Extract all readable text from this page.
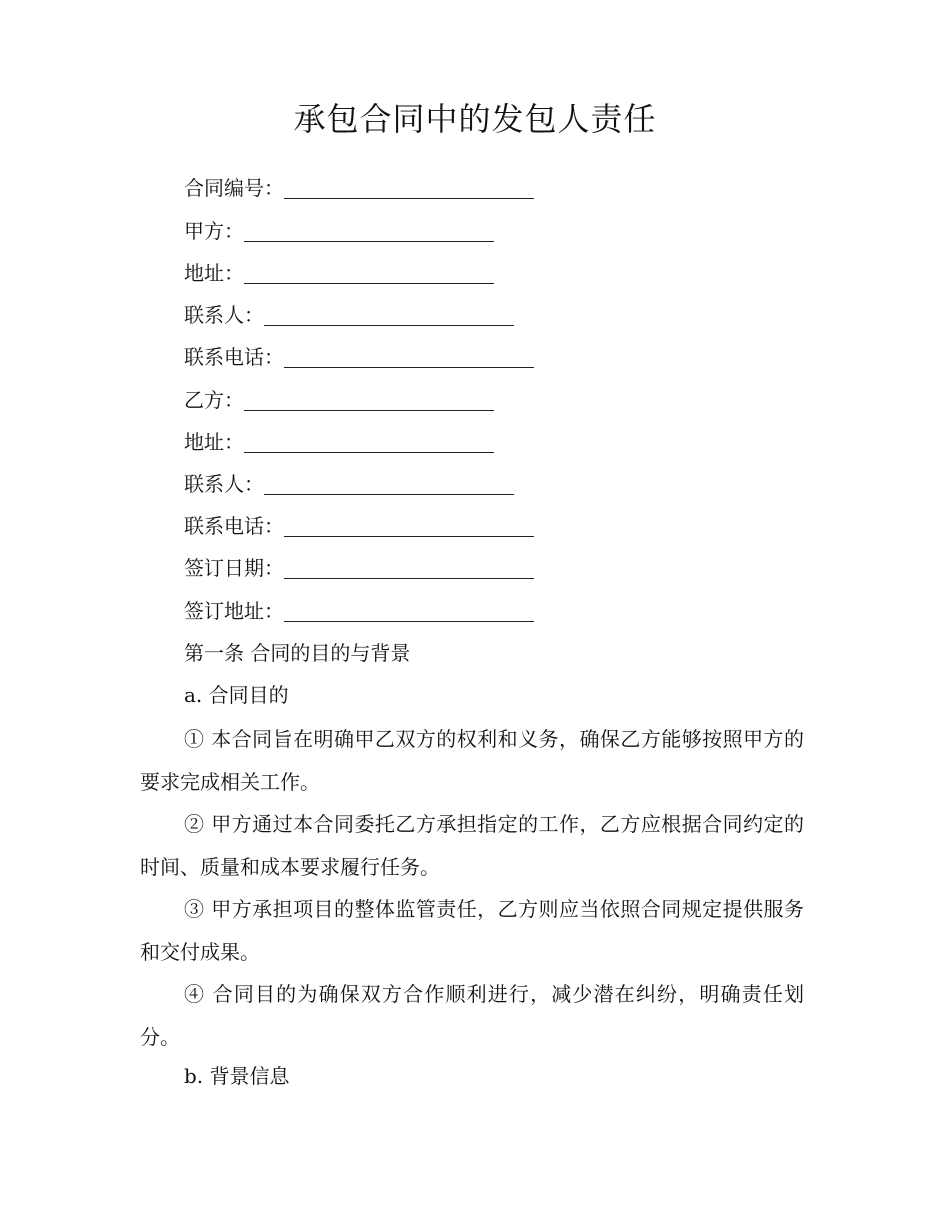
承包合同中的发包人责任
合同编号：
甲方：
地址：
联系人：
联系电话：
乙方：
地址：
联系人：
联系电话：
签订日期：
签订地址：
第一条 合同的目的与背景
a. 合同目的
① 本合同旨在明确甲乙双方的权利和义务，确保乙方能够按照甲方的要求完成相关工作。
② 甲方通过本合同委托乙方承担指定的工作，乙方应根据合同约定的时间、质量和成本要求履行任务。
③ 甲方承担项目的整体监管责任，乙方则应当依照合同规定提供服务和交付成果。
④ 合同目的为确保双方合作顺利进行，减少潜在纠纷，明确责任划分。
b. 背景信息
